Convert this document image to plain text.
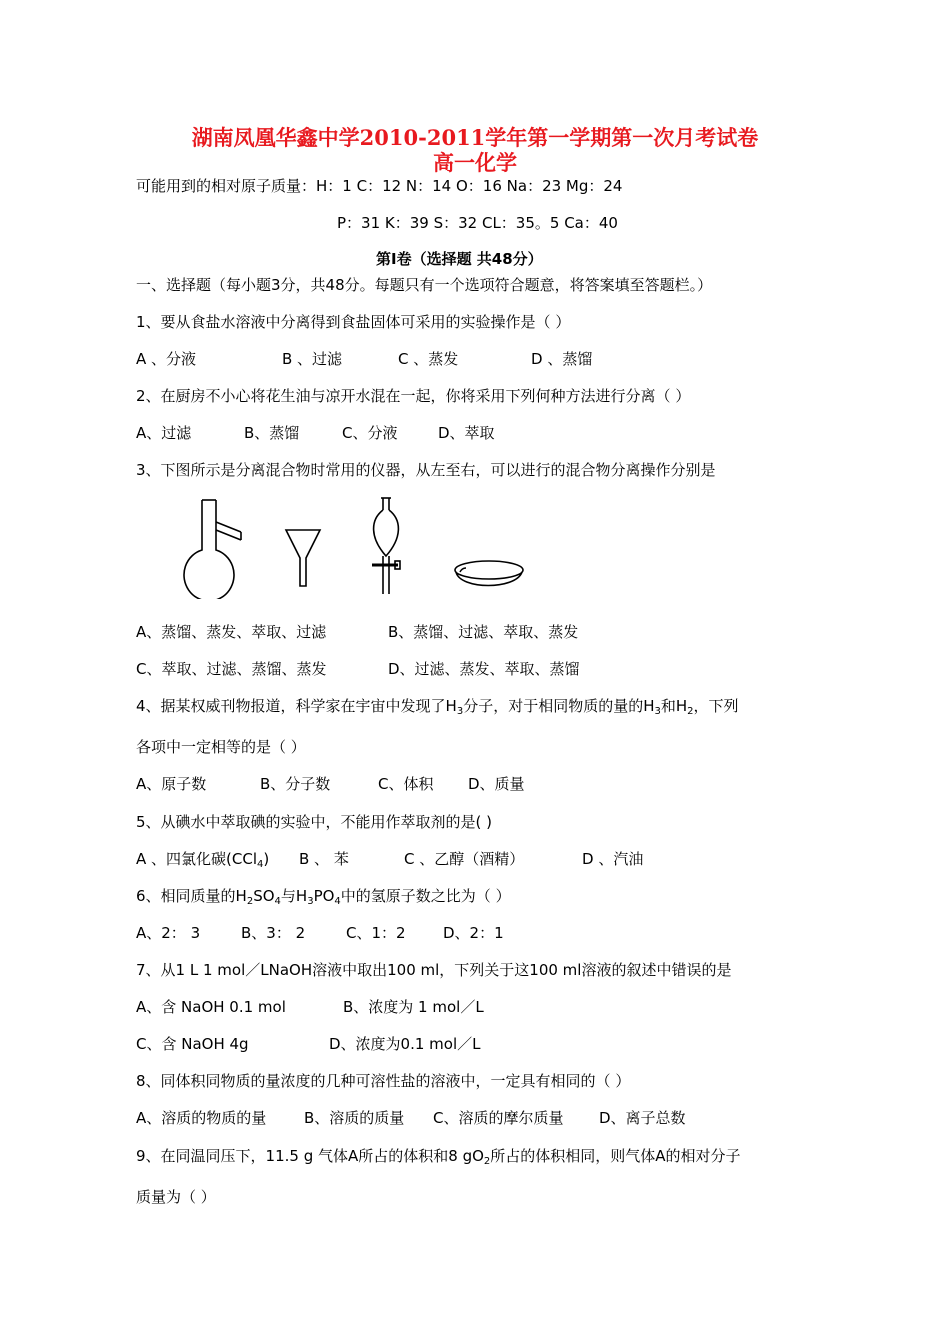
湖南凤凰华鑫中学2010-2011学年第一学期第一次月考试卷
高一化学
可能用到的相对原子质量：H：1 C：12 N：14 O：16 Na：23 Mg：24
P：31 K：39 S：32 CL：35。5 Ca：40
第Ⅰ卷（选择题 共48分）
一、选择题（每小题3分，共48分。每题只有一个选项符合题意，将答案填至答题栏。）
1、要从食盐水溶液中分离得到食盐固体可采用的实验操作是（ ）
A 、分液	B 、过滤	C 、蒸发	D 、蒸馏
2、在厨房不小心将花生油与凉开水混在一起，你将采用下列何种方法进行分离（ ）
A、过滤	B、蒸馏	C、分液	D、萃取
3、下图所示是分离混合物时常用的仪器，从左至右，可以进行的混合物分离操作分别是
A、蒸馏、蒸发、萃取、过滤	B、蒸馏、过滤、萃取、蒸发
C、萃取、过滤、蒸馏、蒸发	D、过滤、蒸发、萃取、蒸馏
4、据某权威刊物报道，科学家在宇宙中发现了$H_3$分子，对于相同物质的量的$H_3$和$H_2$，下列
各项中一定相等的是（ ）
A、原子数	B、分子数	C、体积 D、质量
5、从碘水中萃取碘的实验中，不能用作萃取剂的是( )
A 、四氯化碳(CCl$_4$) B 、 苯	C 、乙醇（酒精）	D 、汽油
6、相同质量的$H_2SO_4$与$H_3PO_4$中的氢原子数之比为（ ）
A、2： 3	B、3： 2	C、1：2 D、2：1
7、从1 L 1 mol／LNaOH溶液中取出100 ml，下列关于这100 ml溶液的叙述中错误的是
A、含 NaOH 0.1 mol	B、浓度为 1 mol／L
C、含 NaOH 4g	D、浓度为0.1 mol／L
8、同体积同物质的量浓度的几种可溶性盐的溶液中，一定具有相同的（ ）
A、溶质的物质的量	B、溶质的质量 C、溶质的摩尔质量 D、离子总数
9、在同温同压下，11.5 g 气体A所占的体积和8 $gO_2$所占的体积相同，则气体A的相对分子
质量为（ ）
